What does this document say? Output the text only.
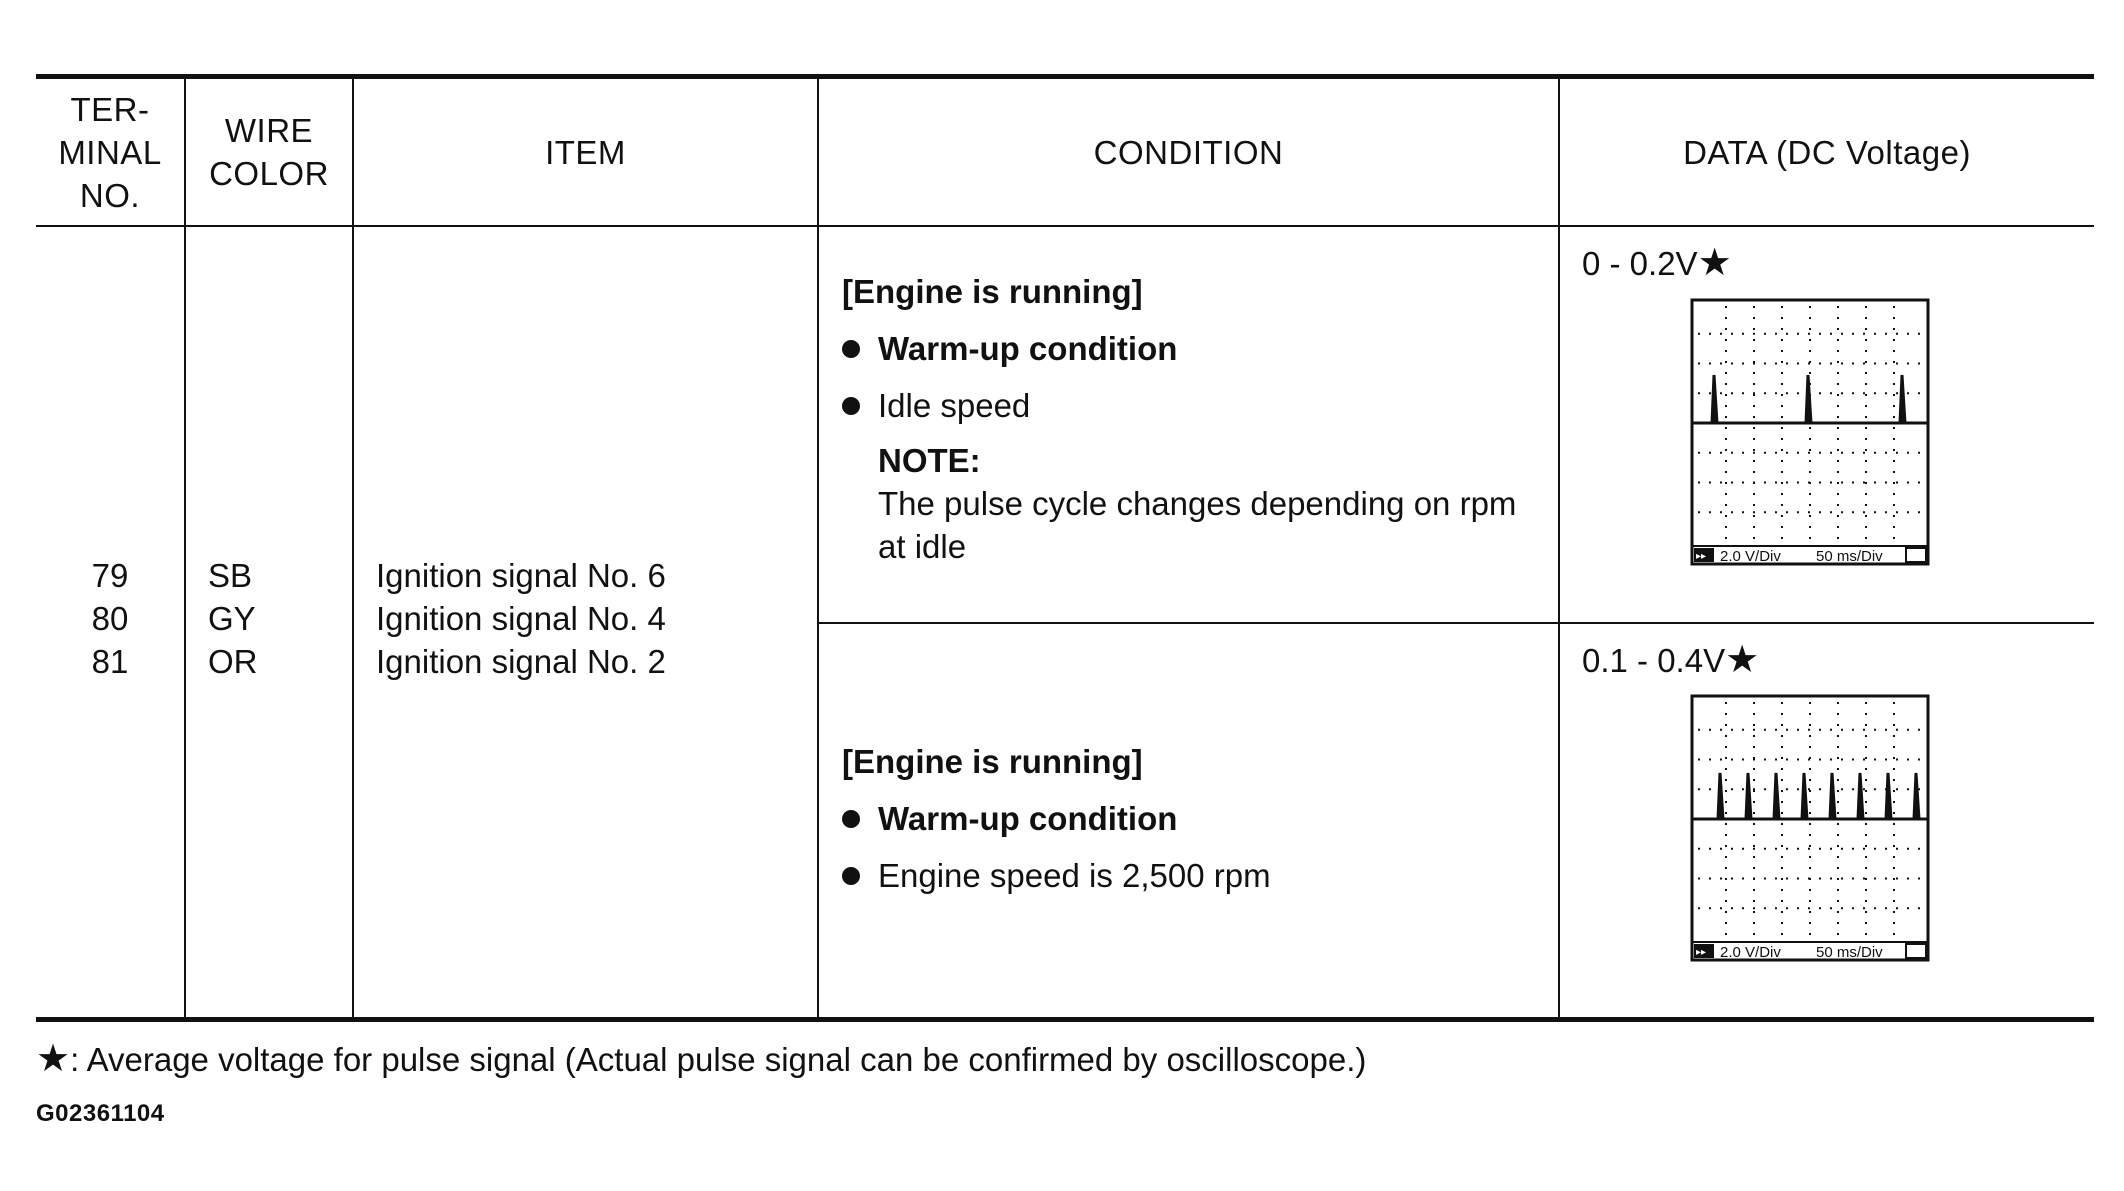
TER-
MINAL
NO.
WIRE
COLOR
ITEM	CONDITION	DATA (DC Voltage)
79
80
81
SB
GY
OR
Ignition signal No. 6
Ignition signal No. 4
Ignition signal No. 2
[Engine is running]
Warm-up condition
Idle speed
NOTE:
The pulse cycle changes depending on rpm
at idle
[Engine is running]
Warm-up condition
Engine speed is 2,500 rpm
0 - 0.2V★
▸▸ 2.0 V/Div 50 ms/Div
0.1 - 0.4V★
▸▸ 2.0 V/Div 50 ms/Div
★: Average voltage for pulse signal (Actual pulse signal can be confirmed by oscilloscope.)
G02361104
